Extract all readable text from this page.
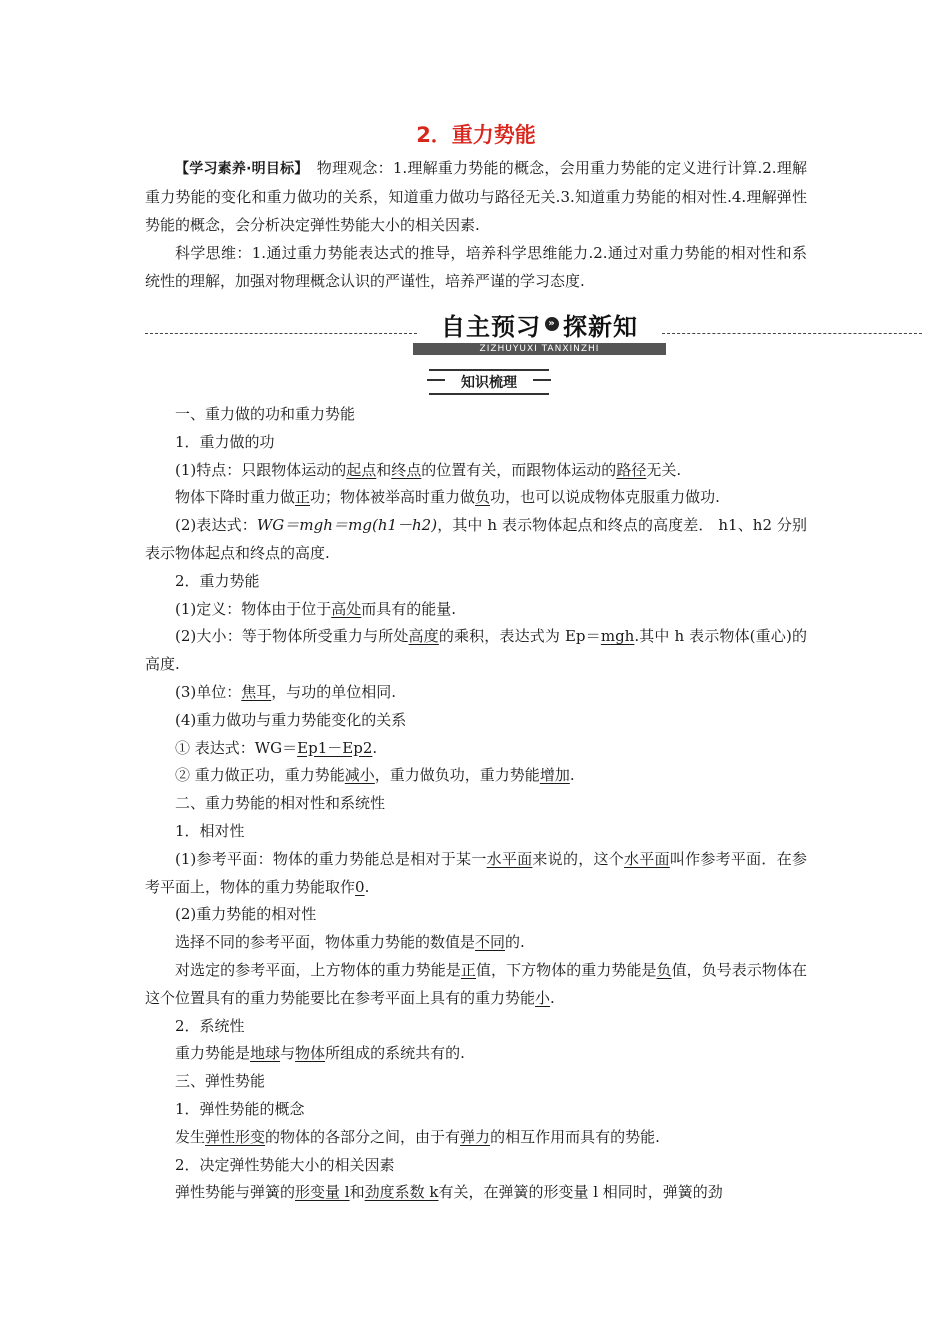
2．重力势能

【学习素养·明目标】　 物理观念：1.理解重力势能的概念，会用重力势能的定义进行计算.2.理解重力势能的变化和重力做功的关系，知道重力做功与路径无关.3.知道重力势能的相对性.4.理解弹性势能的概念，会分析决定弹性势能大小的相关因素.

科学思维：1.通过重力势能表达式的推导，培养科学思维能力.2.通过对重力势能的相对性和系统性的理解，加强对物理概念认识的严谨性，培养严谨的学习态度.

自主预习 » 探新知
ZIZHUYUXI TANXINZHI
知识梳理

一、重力做的功和重力势能

1．重力做的功

(1)特点：只跟物体运动的起点和终点的位置有关，而跟物体运动的路径无关.

物体下降时重力做正功；物体被举高时重力做负功，也可以说成物体克服重力做功.

(2)表达式：WG＝mgh＝mg(h1－h2)，其中 h 表示物体起点和终点的高度差． h1、h2 分别表示物体起点和终点的高度.

2．重力势能

(1)定义：物体由于位于高处而具有的能量.

(2)大小：等于物体所受重力与所处高度的乘积，表达式为 Ep＝mgh.其中 h 表示物体(重心)的高度.

(3)单位：焦耳，与功的单位相同.

(4)重力做功与重力势能变化的关系

① 表达式：WG＝Ep1－Ep2.

② 重力做正功，重力势能减小，重力做负功，重力势能增加.

二、重力势能的相对性和系统性

1．相对性

(1)参考平面：物体的重力势能总是相对于某一水平面来说的，这个水平面叫作参考平面．在参考平面上，物体的重力势能取作0.

(2)重力势能的相对性

选择不同的参考平面，物体重力势能的数值是不同的.

对选定的参考平面，上方物体的重力势能是正值，下方物体的重力势能是负值，负号表示物体在这个位置具有的重力势能要比在参考平面上具有的重力势能小.

2．系统性

重力势能是地球与物体所组成的系统共有的.

三、弹性势能

1．弹性势能的概念

发生弹性形变的物体的各部分之间，由于有弹力的相互作用而具有的势能.

2．决定弹性势能大小的相关因素

弹性势能与弹簧的形变量 l和劲度系数 k有关，在弹簧的形变量 l 相同时，弹簧的劲
